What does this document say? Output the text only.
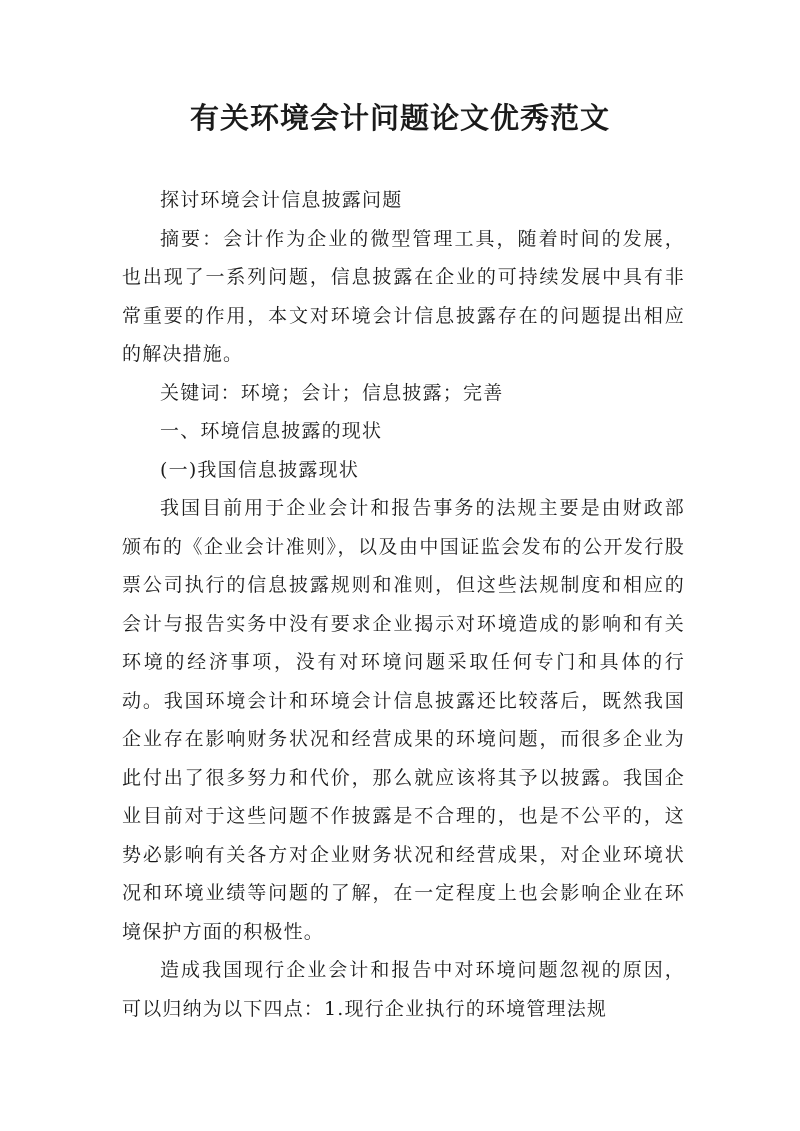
有关环境会计问题论文优秀范文

探讨环境会计信息披露问题

摘要：会计作为企业的微型管理工具，随着时间的发展，也出现了一系列问题，信息披露在企业的可持续发展中具有非常重要的作用，本文对环境会计信息披露存在的问题提出相应的解决措施。

关键词：环境；会计；信息披露；完善

一、环境信息披露的现状

(一)我国信息披露现状

我国目前用于企业会计和报告事务的法规主要是由财政部颁布的《企业会计准则》，以及由中国证监会发布的公开发行股票公司执行的信息披露规则和准则，但这些法规制度和相应的会计与报告实务中没有要求企业揭示对环境造成的影响和有关环境的经济事项，没有对环境问题采取任何专门和具体的行动。我国环境会计和环境会计信息披露还比较落后，既然我国企业存在影响财务状况和经营成果的环境问题，而很多企业为此付出了很多努力和代价，那么就应该将其予以披露。我国企业目前对于这些问题不作披露是不合理的，也是不公平的，这势必影响有关各方对企业财务状况和经营成果，对企业环境状况和环境业绩等问题的了解，在一定程度上也会影响企业在环境保护方面的积极性。

造成我国现行企业会计和报告中对环境问题忽视的原因，可以归纳为以下四点：1.现行企业执行的环境管理法规
